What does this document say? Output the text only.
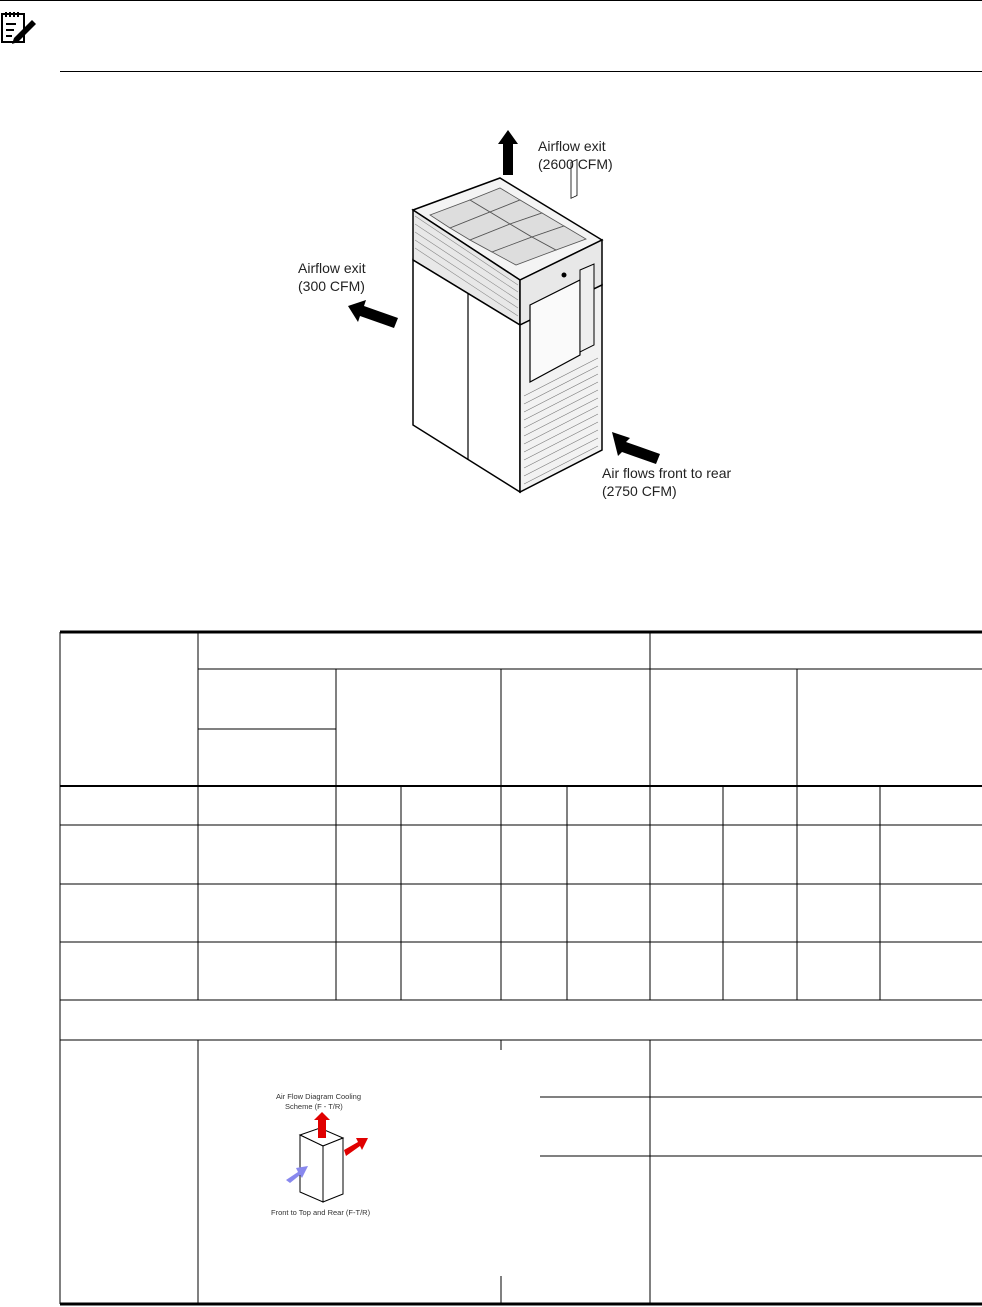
Airflow exit
(2600 CFM)
Airflow exit
(300 CFM)
Air flows front to rear
(2750 CFM)
Air Flow Diagram Cooling
Scheme (F - T/R)
Front to Top and Rear (F-T/R)
